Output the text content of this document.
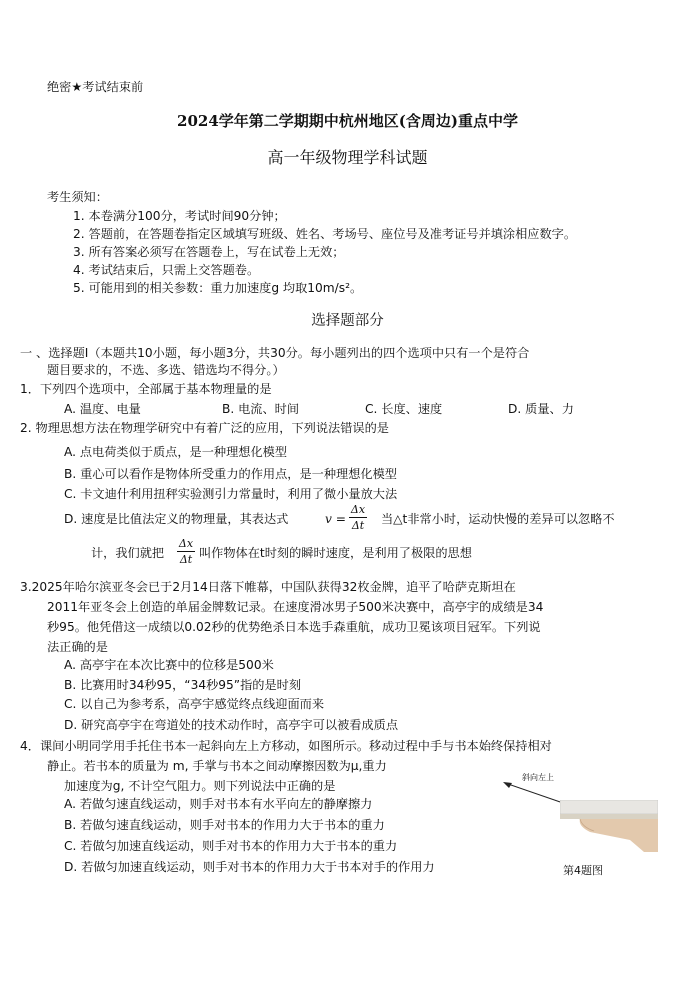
绝密★考试结束前
2024学年第二学期期中杭州地区(含周边)重点中学
高一年级物理学科试题
考生须知：
1. 本卷满分100分，考试时间90分钟；
2. 答题前，在答题卷指定区域填写班级、姓名、考场号、座位号及准考证号并填涂相应数字。
3. 所有答案必须写在答题卷上，写在试卷上无效；
4. 考试结束后，只需上交答题卷。
5. 可能用到的相关参数：重力加速度g 均取10m/s²。
选择题部分
一 、选择题Ⅰ（本题共10小题，每小题3分，共30分。每小题列出的四个选项中只有一个是符合
题目要求的，不选、多选、错选均不得分。）
1．下列四个选项中，全部属于基本物理量的是
A. 温度、电量	B. 电流、时间	C. 长度、速度	D. 质量、力
2. 物理思想方法在物理学研究中有着广泛的应用，下列说法错误的是
A. 点电荷类似于质点，是一种理想化模型
B. 重心可以看作是物体所受重力的作用点，是一种理想化模型
C. 卡文迪什利用扭秤实验测引力常量时，利用了微小量放大法
D. 速度是比值法定义的物理量，其表达式	v =
Δx
Δt 当△t非常小时，运动快慢的差异可以忽略不
计，我们就把
Δx
Δt 叫作物体在t时刻的瞬时速度，是利用了极限的思想
3.2025年哈尔滨亚冬会已于2月14日落下帷幕，中国队获得32枚金牌，追平了哈萨克斯坦在
2011年亚冬会上创造的单届金牌数记录。在速度滑冰男子500米决赛中，高亭宇的成绩是34
秒95。他凭借这一成绩以0.02秒的优势绝杀日本选手森重航，成功卫冕该项目冠军。下列说
法正确的是
A. 高亭宇在本次比赛中的位移是500米
B. 比赛用时34秒95，“34秒95”指的是时刻
C. 以自己为参考系，高亭宇感觉终点线迎面而来
D. 研究高亭宇在弯道处的技术动作时，高亭宇可以被看成质点
4．课间小明同学用手托住书本一起斜向左上方移动，如图所示。移动过程中手与书本始终保持相对
静止。若书本的质量为 m, 手掌与书本之间动摩擦因数为μ,重力
加速度为g, 不计空气阻力。则下列说法中正确的是
A. 若做匀速直线运动，则手对书本有水平向左的静摩擦力
B. 若做匀速直线运动，则手对书本的作用力大于书本的重力
C. 若做匀加速直线运动，则手对书本的作用力大于书本的重力
D. 若做匀加速直线运动，则手对书本的作用力大于书本对手的作用力
斜向左上
第4题图
